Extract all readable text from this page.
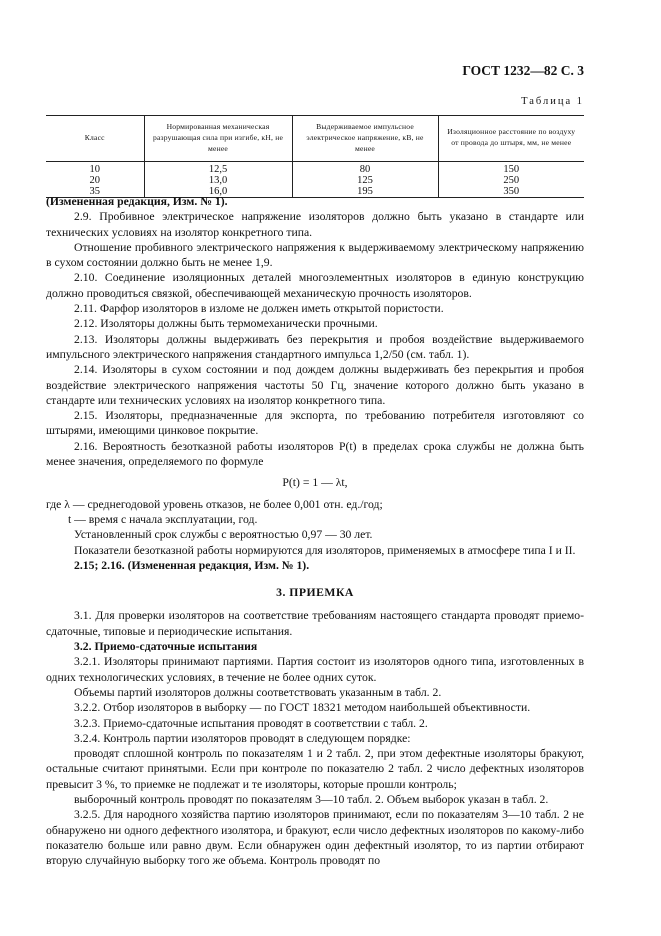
ГОСТ 1232—82 С. 3
Таблица 1
Класс	Нормированная механическая разрушающая сила при изгибе, кН, не менее	Выдерживаемое импульсное электрическое напряжение, кВ, не менее	Изоляционное расстояние по воздуху от провода до штыря, мм, не менее
10	12,5	80	150
20	13,0	125	250
35	16,0	195	350

(Измененная редакция, Изм. № 1).

2.9. Пробивное электрическое напряжение изоляторов должно быть указано в стандарте или технических условиях на изолятор конкретного типа.

Отношение пробивного электрического напряжения к выдерживаемому электрическому напряжению в сухом состоянии должно быть не менее 1,9.

2.10. Соединение изоляционных деталей многоэлементных изоляторов в единую конструкцию должно проводиться связкой, обеспечивающей механическую прочность изоляторов.

2.11. Фарфор изоляторов в изломе не должен иметь открытой пористости.

2.12. Изоляторы должны быть термомеханически прочными.

2.13. Изоляторы должны выдерживать без перекрытия и пробоя воздействие выдерживаемого импульсного электрического напряжения стандартного импульса 1,2/50 (см. табл. 1).

2.14. Изоляторы в сухом состоянии и под дождем должны выдерживать без перекрытия и пробоя воздействие электрического напряжения частоты 50 Гц, значение которого должно быть указано в стандарте или технических условиях на изолятор конкретного типа.

2.15. Изоляторы, предназначенные для экспорта, по требованию потребителя изготовляют со штырями, имеющими цинковое покрытие.

2.16. Вероятность безотказной работы изоляторов P(t) в пределах срока службы не должна быть менее значения, определяемого по формуле

P(t) = 1 — λt,

где λ — среднегодовой уровень отказов, не более 0,001 отн. ед./год;

t — время с начала эксплуатации, год.

Установленный срок службы с вероятностью 0,97 — 30 лет.

Показатели безотказной работы нормируются для изоляторов, применяемых в атмосфере типа I и II.

2.15; 2.16. (Измененная редакция, Изм. № 1).

3. ПРИЕМКА

3.1. Для проверки изоляторов на соответствие требованиям настоящего стандарта проводят приемо-сдаточные, типовые и периодические испытания.

3.2. Приемо-сдаточные испытания

3.2.1. Изоляторы принимают партиями. Партия состоит из изоляторов одного типа, изготовленных в одних технологических условиях, в течение не более одних суток.

Объемы партий изоляторов должны соответствовать указанным в табл. 2.

3.2.2. Отбор изоляторов в выборку — по ГОСТ 18321 методом наибольшей объективности.

3.2.3. Приемо-сдаточные испытания проводят в соответствии с табл. 2.

3.2.4. Контроль партии изоляторов проводят в следующем порядке:

проводят сплошной контроль по показателям 1 и 2 табл. 2, при этом дефектные изоляторы бракуют, остальные считают принятыми. Если при контроле по показателю 2 табл. 2 число дефектных изоляторов превысит 3 %, то приемке не подлежат и те изоляторы, которые прошли контроль;

выборочный контроль проводят по показателям 3—10 табл. 2. Объем выборок указан в табл. 2.

3.2.5. Для народного хозяйства партию изоляторов принимают, если по показателям 3—10 табл. 2 не обнаружено ни одного дефектного изолятора, и бракуют, если число дефектных изоляторов по какому-либо показателю больше или равно двум. Если обнаружен один дефектный изолятор, то из партии отбирают вторую случайную выборку того же объема. Контроль проводят по
